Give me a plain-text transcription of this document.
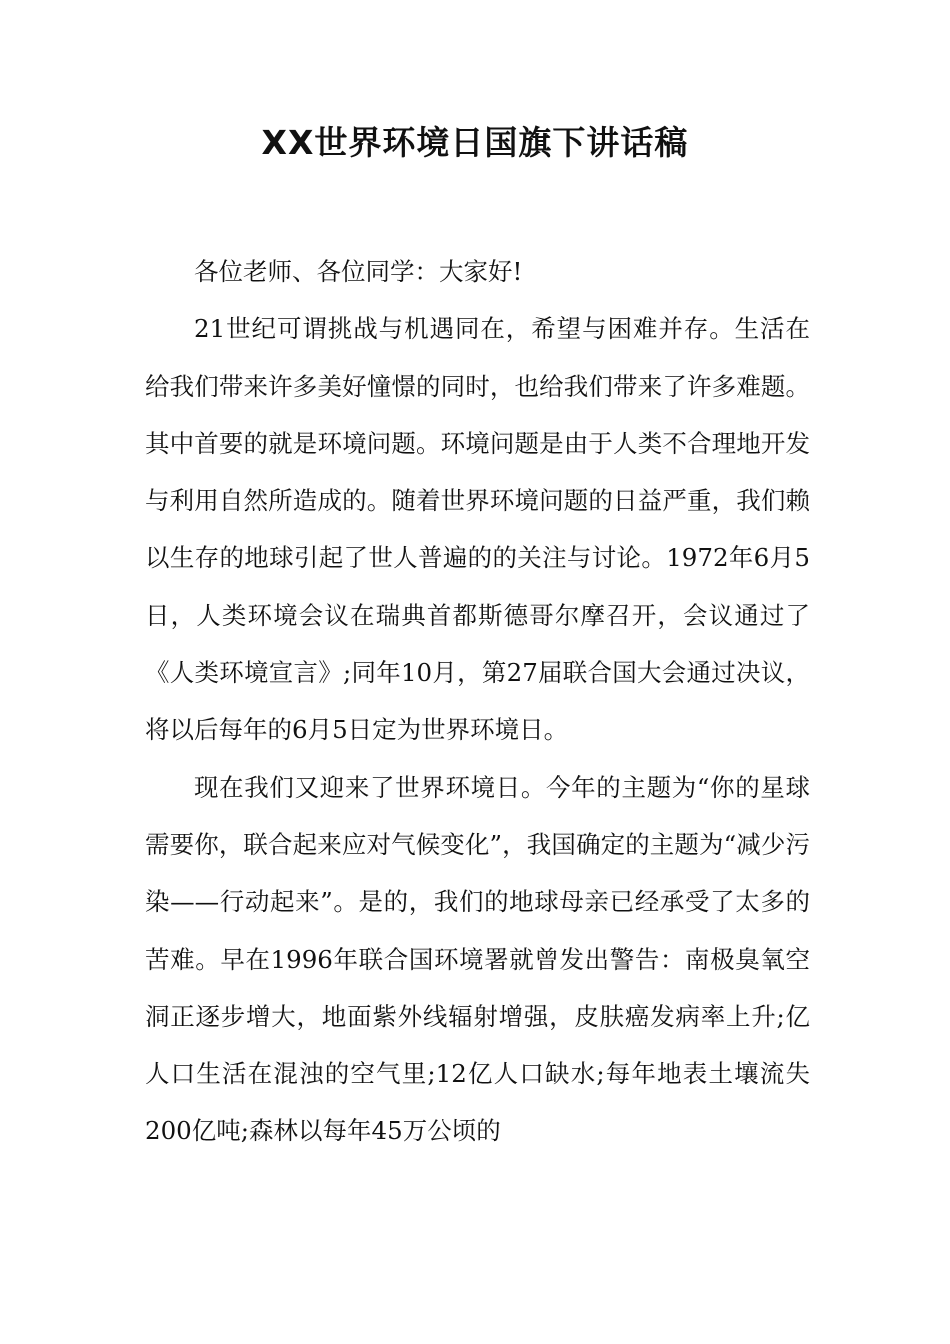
XX世界环境日国旗下讲话稿

各位老师、各位同学：大家好!

21世纪可谓挑战与机遇同在，希望与困难并存。生活在给我们带来许多美好憧憬的同时，也给我们带来了许多难题。其中首要的就是环境问题。环境问题是由于人类不合理地开发与利用自然所造成的。随着世界环境问题的日益严重，我们赖以生存的地球引起了世人普遍的的关注与讨论。1972年6月5日，人类环境会议在瑞典首都斯德哥尔摩召开，会议通过了《人类环境宣言》;同年10月，第27届联合国大会通过决议，将以后每年的6月5日定为世界环境日。

现在我们又迎来了世界环境日。今年的主题为“你的星球需要你，联合起来应对气候变化”，我国确定的主题为“减少污染——行动起来”。是的，我们的地球母亲已经承受了太多的苦难。早在1996年联合国环境署就曾发出警告：南极臭氧空洞正逐步增大，地面紫外线辐射增强，皮肤癌发病率上升;亿人口生活在混浊的空气里;12亿人口缺水;每年地表土壤流失200亿吨;森林以每年45万公顷的
